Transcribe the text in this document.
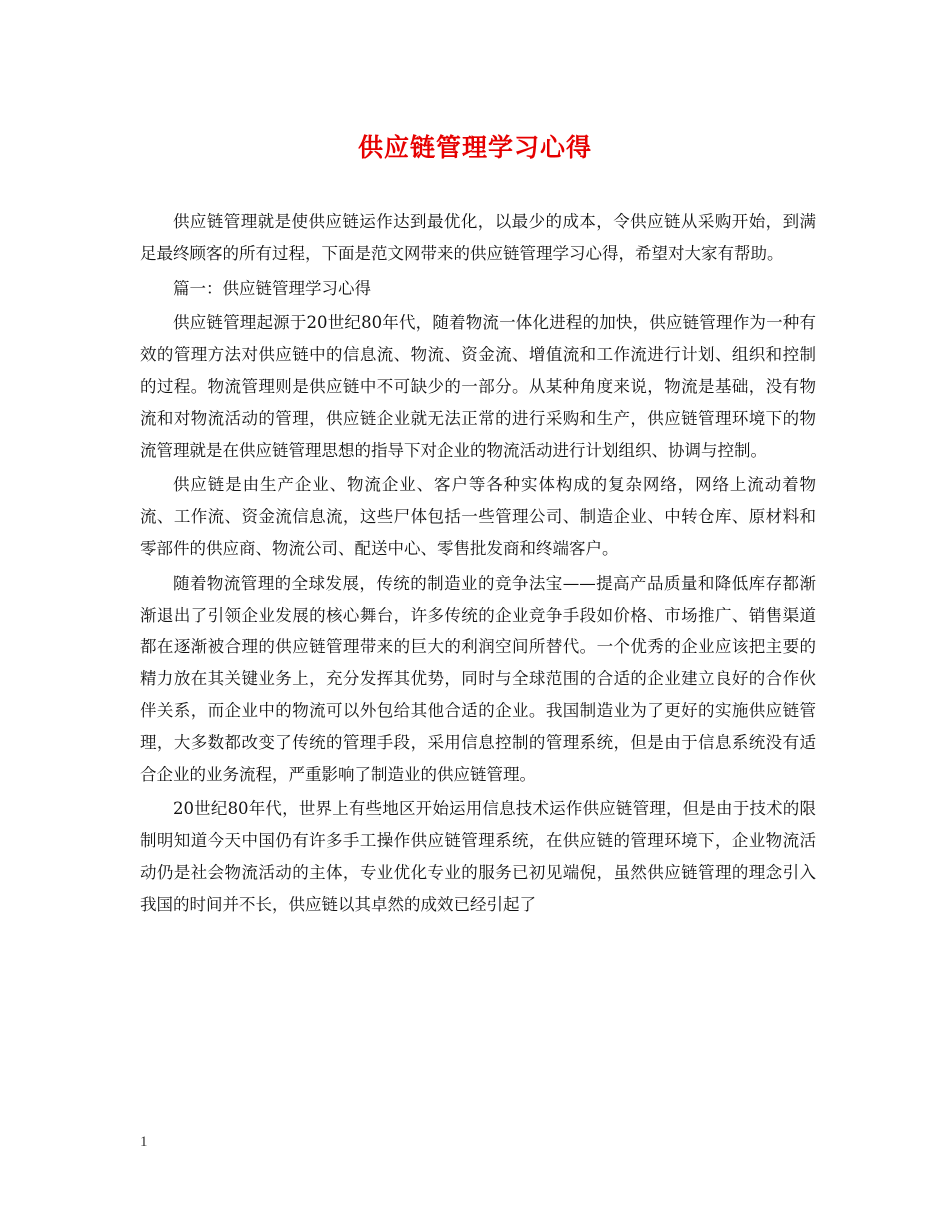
供应链管理学习心得

供应链管理就是使供应链运作达到最优化，以最少的成本，令供应链从采购开始，到满足最终顾客的所有过程，下面是范文网带来的供应链管理学习心得，希望对大家有帮助。

篇一：供应链管理学习心得

供应链管理起源于20世纪80年代，随着物流一体化进程的加快，供应链管理作为一种有效的管理方法对供应链中的信息流、物流、资金流、增值流和工作流进行计划、组织和控制的过程。物流管理则是供应链中不可缺少的一部分。从某种角度来说，物流是基础，没有物流和对物流活动的管理，供应链企业就无法正常的进行采购和生产，供应链管理环境下的物流管理就是在供应链管理思想的指导下对企业的物流活动进行计划组织、协调与控制。

供应链是由生产企业、物流企业、客户等各种实体构成的复杂网络，网络上流动着物流、工作流、资金流信息流，这些尸体包括一些管理公司、制造企业、中转仓库、原材料和零部件的供应商、物流公司、配送中心、零售批发商和终端客户。

随着物流管理的全球发展，传统的制造业的竞争法宝——提高产品质量和降低库存都渐渐退出了引领企业发展的核心舞台，许多传统的企业竞争手段如价格、市场推广、销售渠道都在逐渐被合理的供应链管理带来的巨大的利润空间所替代。一个优秀的企业应该把主要的精力放在其关键业务上，充分发挥其优势，同时与全球范围的合适的企业建立良好的合作伙伴关系，而企业中的物流可以外包给其他合适的企业。我国制造业为了更好的实施供应链管理，大多数都改变了传统的管理手段，采用信息控制的管理系统，但是由于信息系统没有适合企业的业务流程，严重影响了制造业的供应链管理。

20世纪80年代，世界上有些地区开始运用信息技术运作供应链管理，但是由于技术的限制明知道今天中国仍有许多手工操作供应链管理系统，在供应链的管理环境下，企业物流活动仍是社会物流活动的主体，专业优化专业的服务已初见端倪，虽然供应链管理的理念引入我国的时间并不长，供应链以其卓然的成效已经引起了

1
